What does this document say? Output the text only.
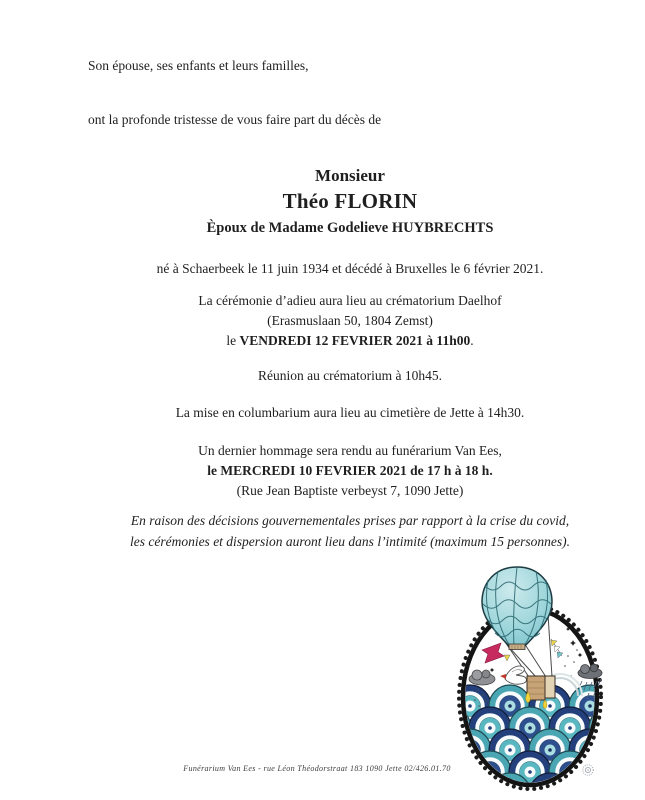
Son épouse, ses enfants et leurs familles,
ont la profonde tristesse de vous faire part du décès de
Monsieur
Théo FLORIN
Èpoux de Madame Godelieve HUYBRECHTS
né à Schaerbeek le 11 juin 1934 et décédé à Bruxelles le 6 février 2021.
La cérémonie d’adieu aura lieu au crématorium Daelhof
(Erasmuslaan 50, 1804 Zemst)
le VENDREDI 12 FEVRIER 2021 à 11h00.
Réunion au crématorium à 10h45.
La mise en columbarium aura lieu au cimetière de Jette à 14h30.
Un dernier hommage sera rendu au funérarium Van Ees,
le MERCREDI 10 FEVRIER 2021 de 17 h à 18 h.
(Rue Jean Baptiste verbeyst 7, 1090 Jette)
En raison des décisions gouvernementales prises par rapport à la crise du covid,
les cérémonies et dispersion auront lieu dans l’intimité (maximum 15 personnes).
Funérarium Van Ees - rue Léon Théodorstraat 183 1090 Jette 02/426.01.70
